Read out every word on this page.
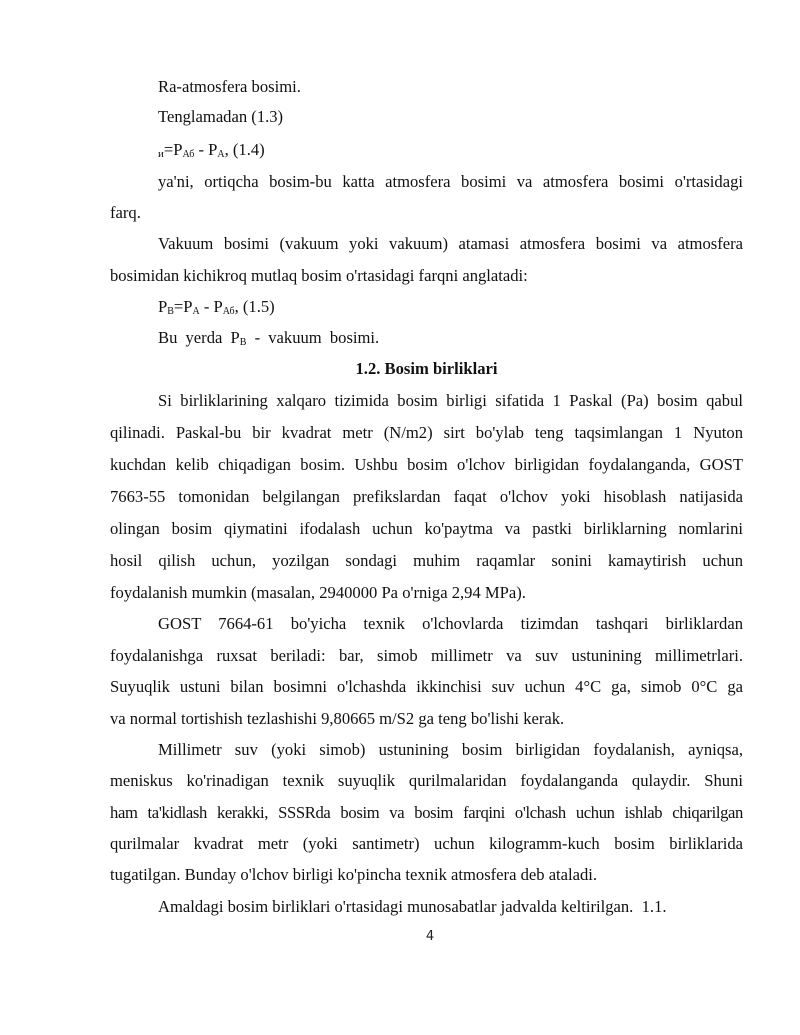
Ra-atmosfera bosimi.
Tenglamadan (1.3)
$и=P_{Аб} - P_А$, (1.4)
ya'ni, ortiqcha bosim-bu katta atmosfera bosimi va atmosfera bosimi o'rtasidagi
farq.
Vakuum bosimi (vakuum yoki vakuum) atamasi atmosfera bosimi va atmosfera
bosimidan kichikroq mutlaq bosim o'rtasidagi farqni anglatadi:
$P_В=P_А - P_{Аб}$, (1.5)
Bu yerda $P_В$ - vakuum bosimi.
1.2. Bosim birliklari
Si birliklarining xalqaro tizimida bosim birligi sifatida 1 Paskal (Pa) bosim qabul
qilinadi. Paskal-bu bir kvadrat metr (N/m2) sirt bo'ylab teng taqsimlangan 1 Nyuton
kuchdan kelib chiqadigan bosim. Ushbu bosim o'lchov birligidan foydalanganda, GOST
7663-55 tomonidan belgilangan prefikslardan faqat o'lchov yoki hisoblash natijasida
olingan bosim qiymatini ifodalash uchun ko'paytma va pastki birliklarning nomlarini
hosil qilish uchun, yozilgan sondagi muhim raqamlar sonini kamaytirish uchun
foydalanish mumkin (masalan, 2940000 Pa o'rniga 2,94 MPa).
GOST 7664-61 bo'yicha texnik o'lchovlarda tizimdan tashqari birliklardan
foydalanishga ruxsat beriladi: bar, simob millimetr va suv ustunining millimetrlari.
Suyuqlik ustuni bilan bosimni o'lchashda ikkinchisi suv uchun 4°C ga, simob 0°C ga
va normal tortishish tezlashishi 9,80665 m/S2 ga teng bo'lishi kerak.
Millimetr suv (yoki simob) ustunining bosim birligidan foydalanish, ayniqsa,
meniskus ko'rinadigan texnik suyuqlik qurilmalaridan foydalanganda qulaydir. Shuni
ham ta'kidlash kerakki, SSSRda bosim va bosim farqini o'lchash uchun ishlab chiqarilgan
qurilmalar kvadrat metr (yoki santimetr) uchun kilogramm-kuch bosim birliklarida
tugatilgan. Bunday o'lchov birligi ko'pincha texnik atmosfera deb ataladi.
Amaldagi bosim birliklari o'rtasidagi munosabatlar jadvalda keltirilgan.  1.1.
4
